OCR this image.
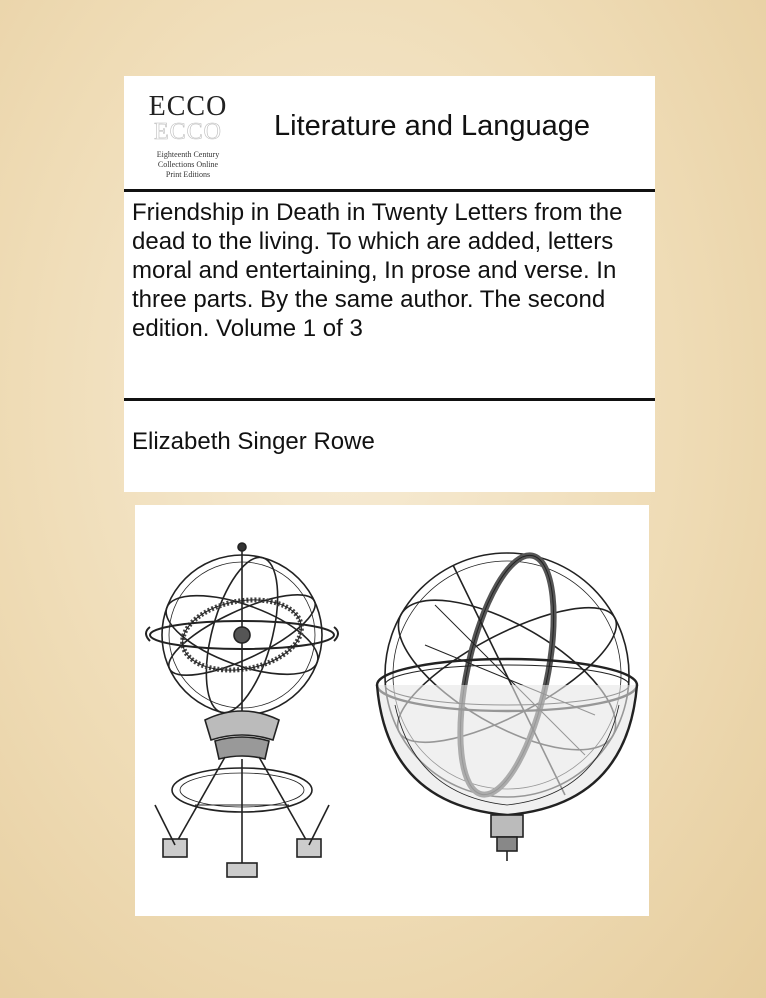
ECCO
ECCO
Eighteenth Century
Collections Online
Print Editions
Literature and Language
Friendship in Death in Twenty Letters from the dead to the living. To which are added, letters moral and entertaining, In prose and verse. In three parts. By the same author. The second edition. Volume 1 of 3
Elizabeth Singer Rowe
